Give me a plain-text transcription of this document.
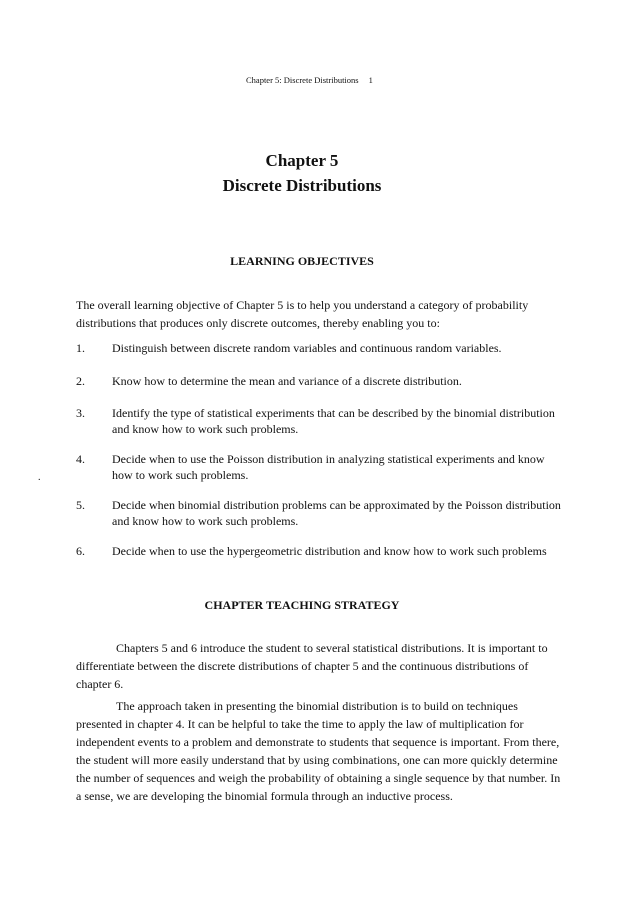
Chapter 5: Discrete Distributions 1
Chapter 5
Discrete Distributions
LEARNING OBJECTIVES

The overall learning objective of Chapter 5 is to help you understand a category of probability distributions that produces only discrete outcomes, thereby enabling you to:

1. Distinguish between discrete random variables and continuous random variables.
2. Know how to determine the mean and variance of a discrete distribution.
3. Identify the type of statistical experiments that can be described by the binomial distribution and know how to work such problems.
4. Decide when to use the Poisson distribution in analyzing statistical experiments and know how to work such problems.
5. Decide when binomial distribution problems can be approximated by the Poisson distribution and know how to work such problems.
6. Decide when to use the hypergeometric distribution and know how to work such problems
.
CHAPTER TEACHING STRATEGY

Chapters 5 and 6 introduce the student to several statistical distributions. It is important to differentiate between the discrete distributions of chapter 5 and the continuous distributions of chapter 6.

The approach taken in presenting the binomial distribution is to build on techniques presented in chapter 4. It can be helpful to take the time to apply the law of multiplication for independent events to a problem and demonstrate to students that sequence is important. From there, the student will more easily understand that by using combinations, one can more quickly determine the number of sequences and weigh the probability of obtaining a single sequence by that number. In a sense, we are developing the binomial formula through an inductive process.
